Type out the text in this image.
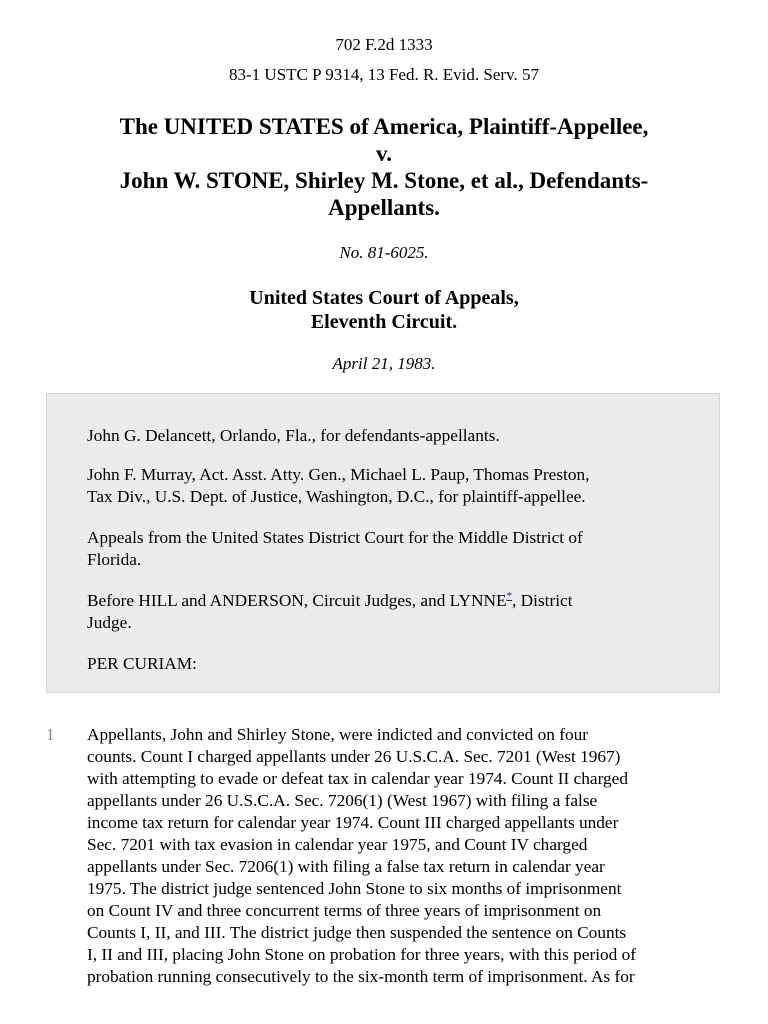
702 F.2d 1333
83-1 USTC P 9314, 13 Fed. R. Evid. Serv. 57
The UNITED STATES of America, Plaintiff-Appellee,
v.
John W. STONE, Shirley M. Stone, et al., Defendants-
Appellants.
No. 81-6025.
United States Court of Appeals,
Eleventh Circuit.
April 21, 1983.

John G. Delancett, Orlando, Fla., for defendants-appellants.

John F. Murray, Act. Asst. Atty. Gen., Michael L. Paup, Thomas Preston,
Tax Div., U.S. Dept. of Justice, Washington, D.C., for plaintiff-appellee.

Appeals from the United States District Court for the Middle District of
Florida.

Before HILL and ANDERSON, Circuit Judges, and LYNNE*, District
Judge.

PER CURIAM:

1 Appellants, John and Shirley Stone, were indicted and convicted on four
counts. Count I charged appellants under 26 U.S.C.A. Sec. 7201 (West 1967)
with attempting to evade or defeat tax in calendar year 1974. Count II charged
appellants under 26 U.S.C.A. Sec. 7206(1) (West 1967) with filing a false
income tax return for calendar year 1974. Count III charged appellants under
Sec. 7201 with tax evasion in calendar year 1975, and Count IV charged
appellants under Sec. 7206(1) with filing a false tax return in calendar year
1975. The district judge sentenced John Stone to six months of imprisonment
on Count IV and three concurrent terms of three years of imprisonment on
Counts I, II, and III. The district judge then suspended the sentence on Counts
I, II and III, placing John Stone on probation for three years, with this period of
probation running consecutively to the six-month term of imprisonment. As for
